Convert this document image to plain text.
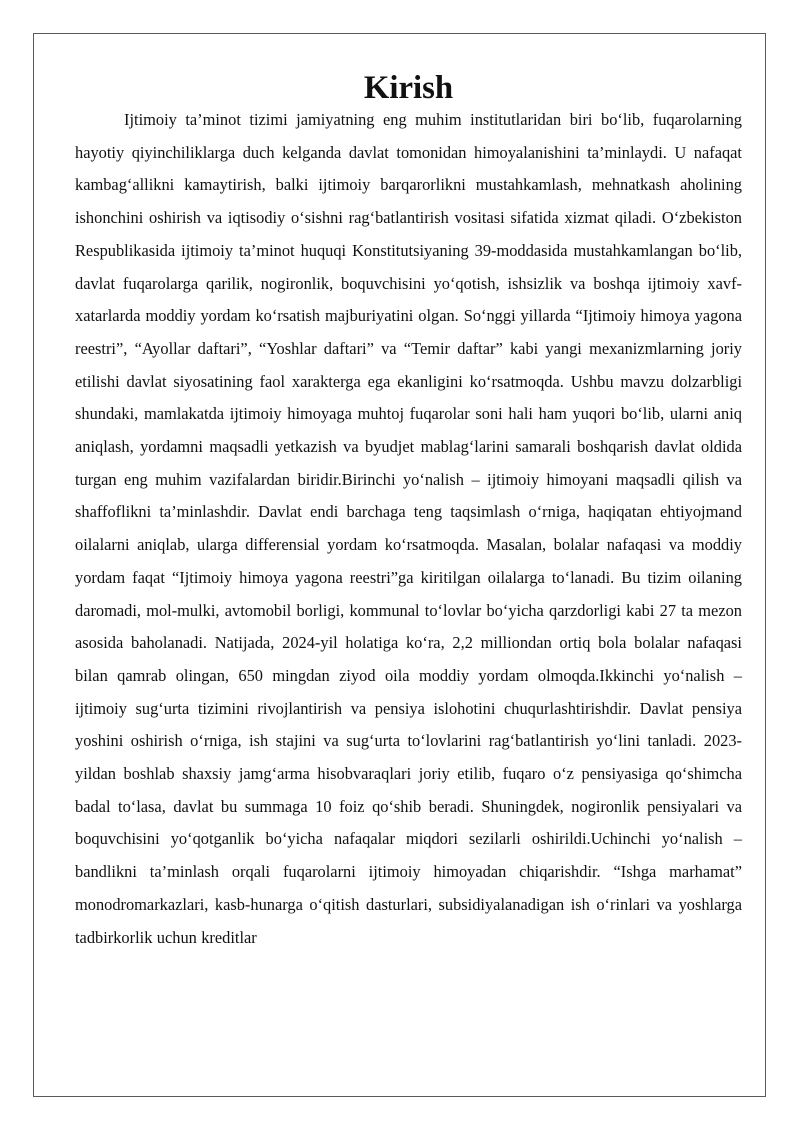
Kirish

Ijtimoiy ta’minot tizimi jamiyatning eng muhim institutlaridan biri bo‘lib, fuqarolarning hayotiy qiyinchiliklarga duch kelganda davlat tomonidan himoyalanishini ta’minlaydi. U nafaqat kambag‘allikni kamaytirish, balki ijtimoiy barqarorlikni mustahkamlash, mehnatkash aholining ishonchini oshirish va iqtisodiy o‘sishni rag‘batlantirish vositasi sifatida xizmat qiladi. O‘zbekiston Respublikasida ijtimoiy ta’minot huquqi Konstitutsiyaning 39-moddasida mustahkamlangan bo‘lib, davlat fuqarolarga qarilik, nogironlik, boquvchisini yo‘qotish, ishsizlik va boshqa ijtimoiy xavf-xatarlarda moddiy yordam ko‘rsatish majburiyatini olgan. So‘nggi yillarda “Ijtimoiy himoya yagona reestri”, “Ayollar daftari”, “Yoshlar daftari” va “Temir daftar” kabi yangi mexanizmlarning joriy etilishi davlat siyosatining faol xarakterga ega ekanligini ko‘rsatmoqda. Ushbu mavzu dolzarbligi shundaki, mamlakatda ijtimoiy himoyaga muhtoj fuqarolar soni hali ham yuqori bo‘lib, ularni aniq aniqlash, yordamni maqsadli yetkazish va byudjet mablag‘larini samarali boshqarish davlat oldida turgan eng muhim vazifalardan biridir.Birinchi yo‘nalish – ijtimoiy himoyani maqsadli qilish va shaffoflikni ta’minlashdir. Davlat endi barchaga teng taqsimlash o‘rniga, haqiqatan ehtiyojmand oilalarni aniqlab, ularga differensial yordam ko‘rsatmoqda. Masalan, bolalar nafaqasi va moddiy yordam faqat “Ijtimoiy himoya yagona reestri”ga kiritilgan oilalarga to‘lanadi. Bu tizim oilaning daromadi, mol-mulki, avtomobil borligi, kommunal to‘lovlar bo‘yicha qarzdorligi kabi 27 ta mezon asosida baholanadi. Natijada, 2024-yil holatiga ko‘ra, 2,2 milliondan ortiq bola bolalar nafaqasi bilan qamrab olingan, 650 mingdan ziyod oila moddiy yordam olmoqda.Ikkinchi yo‘nalish – ijtimoiy sug‘urta tizimini rivojlantirish va pensiya islohotini chuqurlashtirishdir. Davlat pensiya yoshini oshirish o‘rniga, ish stajini va sug‘urta to‘lovlarini rag‘batlantirish yo‘lini tanladi. 2023-yildan boshlab shaxsiy jamg‘arma hisobvaraqlari joriy etilib, fuqaro o‘z pensiyasiga qo‘shimcha badal to‘lasa, davlat bu summaga 10 foiz qo‘shib beradi. Shuningdek, nogironlik pensiyalari va boquvchisini yo‘qotganlik bo‘yicha nafaqalar miqdori sezilarli oshirildi.Uchinchi yo‘nalish – bandlikni ta’minlash orqali fuqarolarni ijtimoiy himoyadan chiqarishdir. “Ishga marhamat” monodromarkazlari, kasb-hunarga o‘qitish dasturlari, subsidiyalanadigan ish o‘rinlari va yoshlarga tadbirkorlik uchun kreditlar
